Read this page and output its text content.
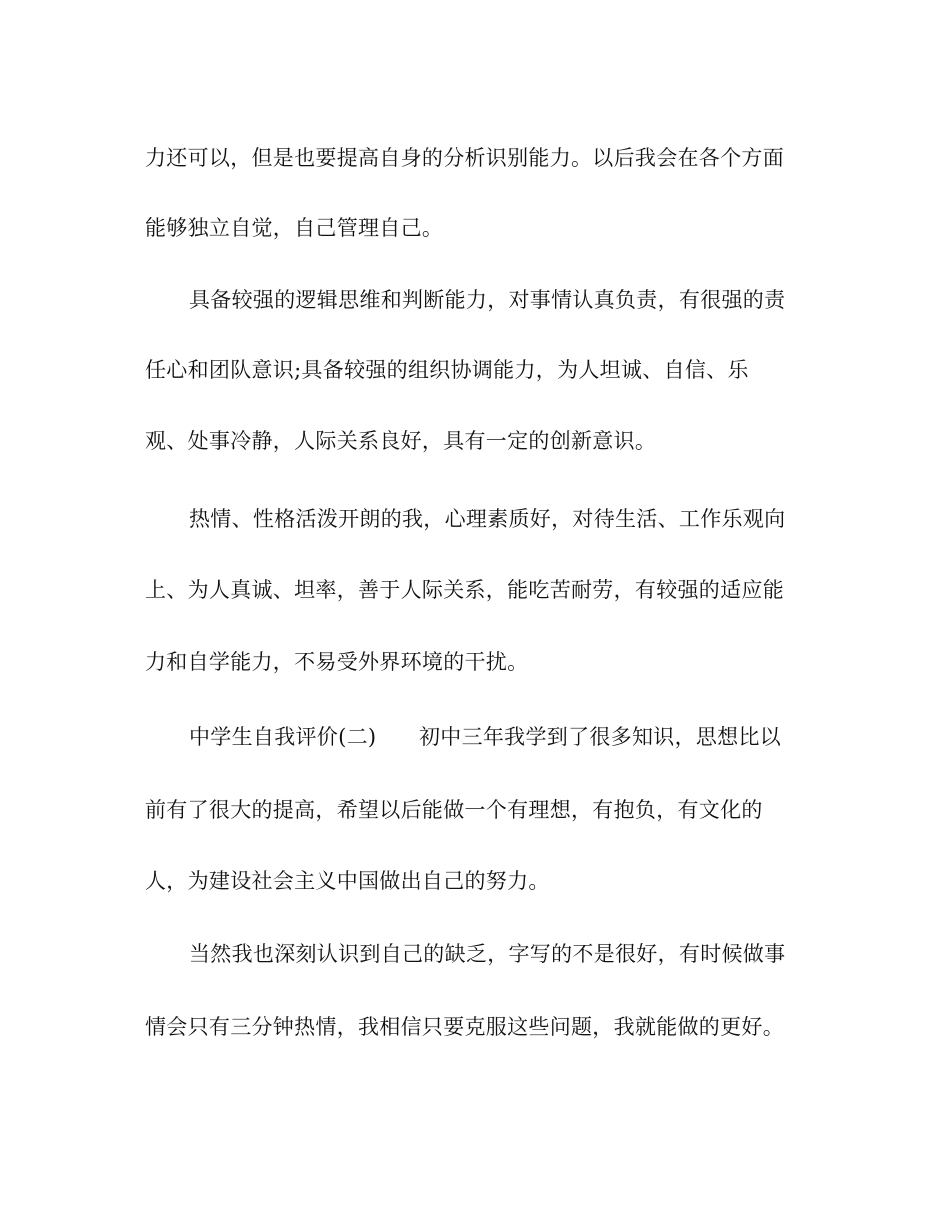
力还可以，但是也要提高自身的分析识别能力。以后我会在各个方面
能够独立自觉，自己管理自己。
具备较强的逻辑思维和判断能力，对事情认真负责，有很强的责
任心和团队意识;具备较强的组织协调能力，为人坦诚、自信、乐
观、处事冷静，人际关系良好，具有一定的创新意识。
热情、性格活泼开朗的我，心理素质好，对待生活、工作乐观向
上、为人真诚、坦率，善于人际关系，能吃苦耐劳，有较强的适应能
力和自学能力，不易受外界环境的干扰。
中学生自我评价(二)　　初中三年我学到了很多知识，思想比以
前有了很大的提高，希望以后能做一个有理想，有抱负，有文化的
人，为建设社会主义中国做出自己的努力。
当然我也深刻认识到自己的缺乏，字写的不是很好，有时候做事
情会只有三分钟热情，我相信只要克服这些问题，我就能做的更好。
